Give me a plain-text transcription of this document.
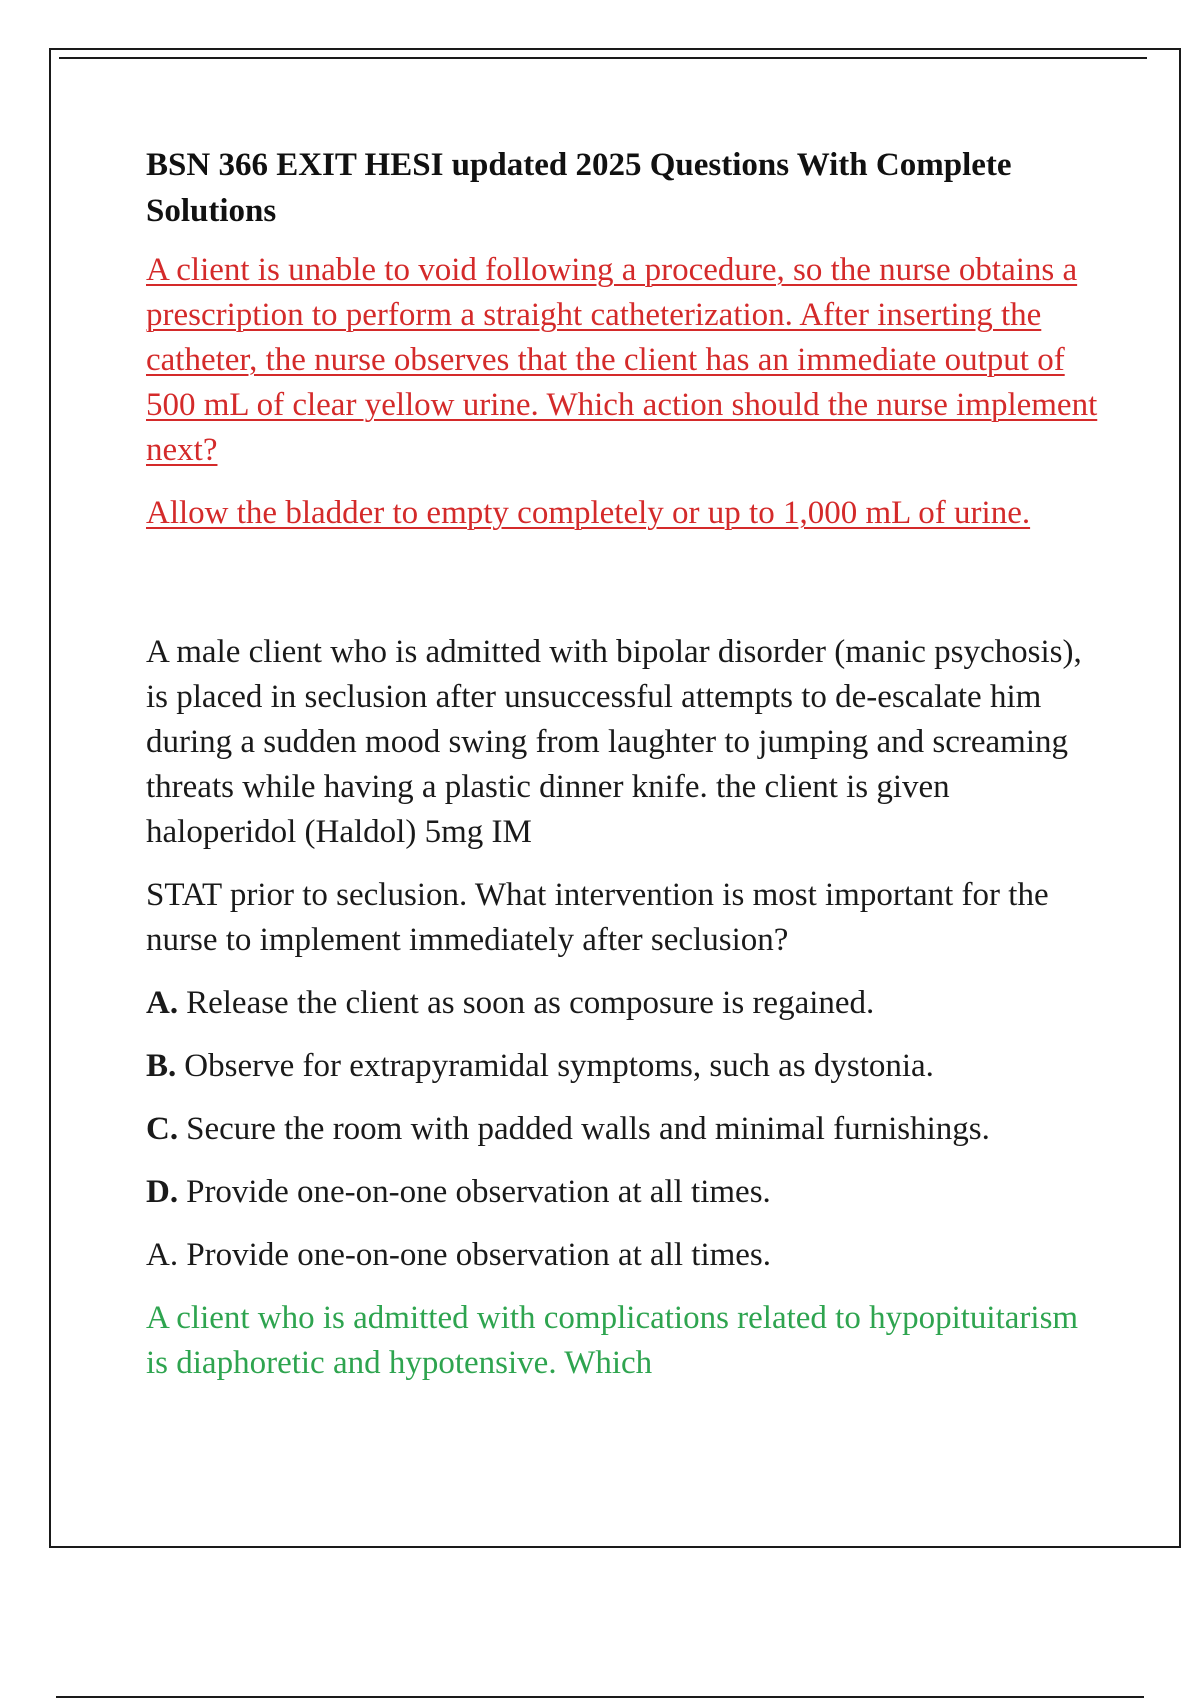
BSN 366 EXIT HESI updated 2025 Questions With Complete Solutions

A client is unable to void following a procedure, so the nurse obtains a prescription to perform a straight catheterization. After inserting the catheter, the nurse observes that the client has an immediate output of 500 mL of clear yellow urine. Which action should the nurse implement next?

Allow the bladder to empty completely or up to 1,000 mL of urine.

A male client who is admitted with bipolar disorder (manic psychosis), is placed in seclusion after unsuccessful attempts to de-escalate him during a sudden mood swing from laughter to jumping and screaming threats while having a plastic dinner knife. the client is given haloperidol (Haldol) 5mg IM

STAT prior to seclusion. What intervention is most important for the nurse to implement immediately after seclusion?

A. Release the client as soon as composure is regained.

B. Observe for extrapyramidal symptoms, such as dystonia.

C. Secure the room with padded walls and minimal furnishings.

D. Provide one-on-one observation at all times.

A. Provide one-on-one observation at all times.

A client who is admitted with complications related to hypopituitarism is diaphoretic and hypotensive. Which
